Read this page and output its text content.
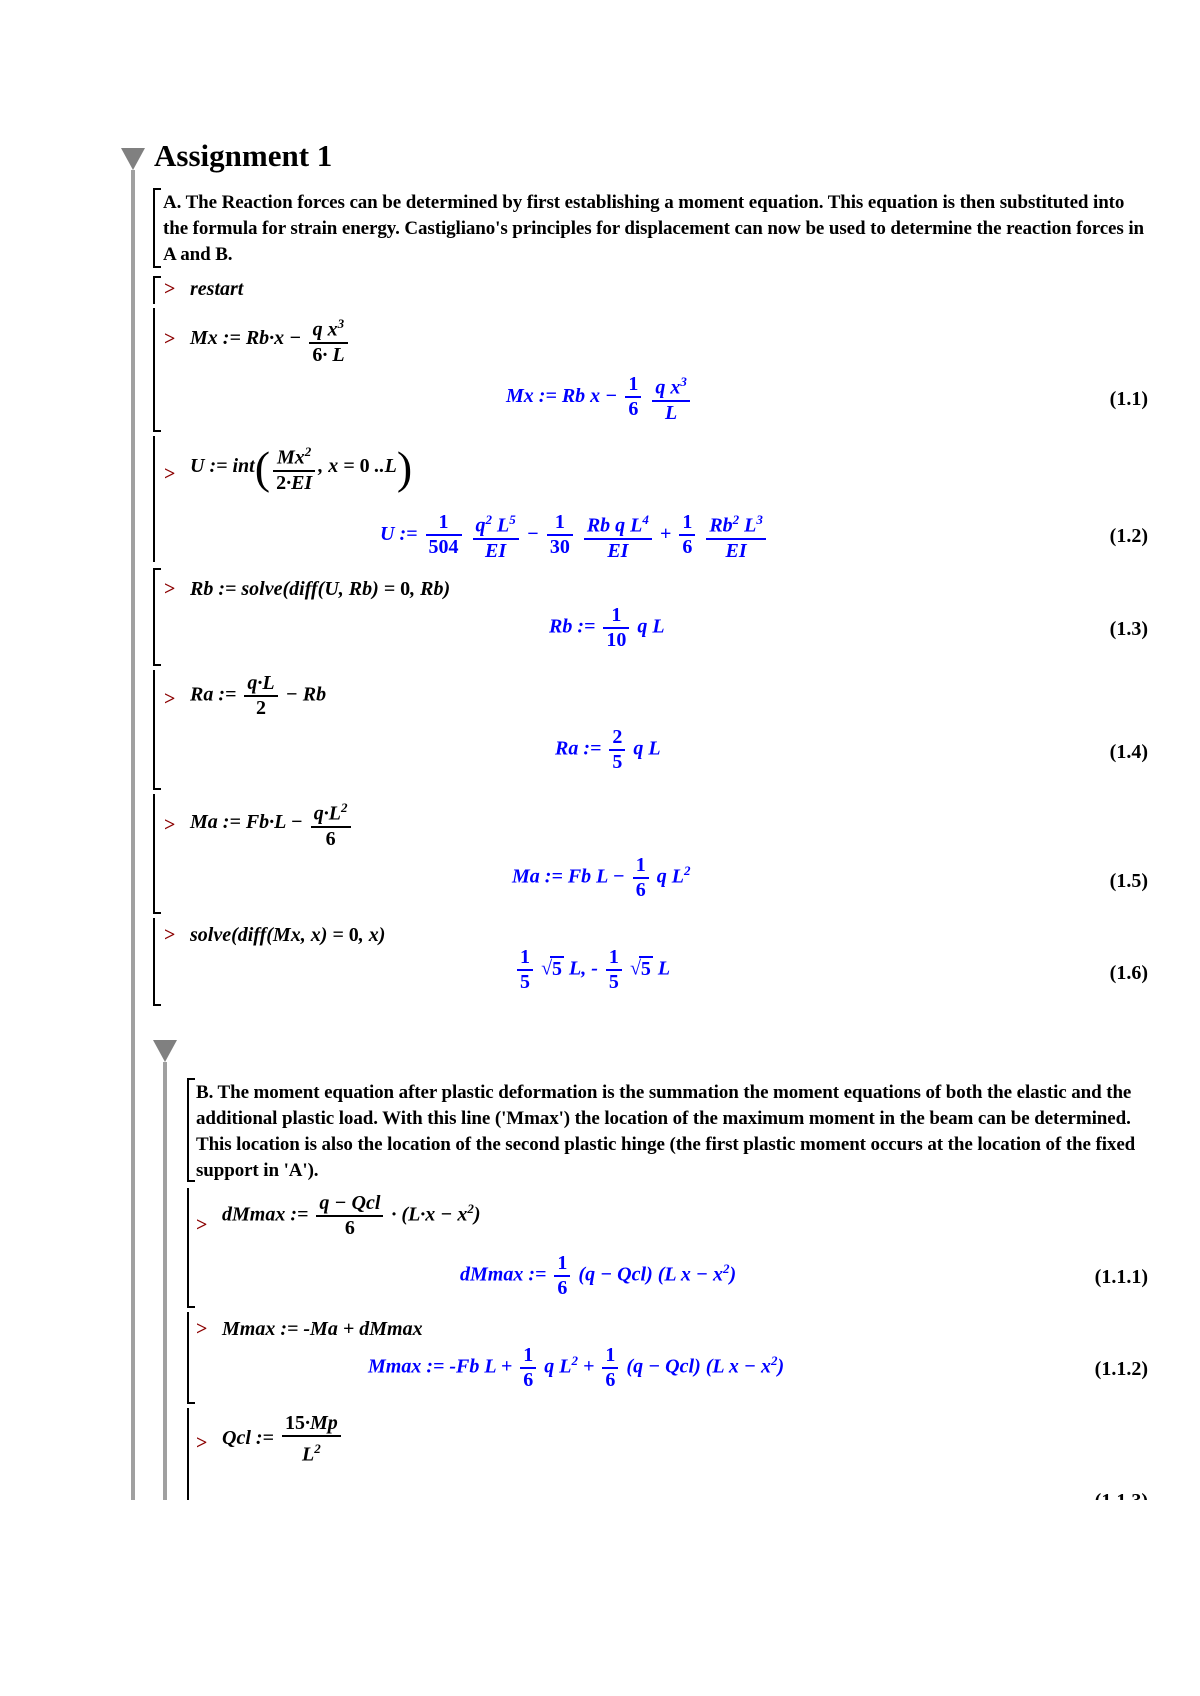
Assignment 1
A. The Reaction forces can be determined by first establishing a moment equation. This equation is then substituted into the formula for strain energy. Castigliano's principles for displacement can now be used to determine the reaction forces in A and B.
> restart
> Mx := $Rb\cdot x - \frac{q x^3}{6\cdot L}$
Mx := Rb $x - \frac{1}{6}$
$\frac{q x^3}{L}$	(1.1)
> U := $int( \frac{Mx^2}{2\cdot EI}$ , x = 0 ..L)
U := $\frac{1}{504}$
$\frac{q^2 L^5}{EI} - \frac{1}{30}$
$\frac{Rb q L^4}{EI} + \frac{1}{6}$
$\frac{Rb^2 L^3}{EI}$	(1.2)
> Rb := solve(diff(U, Rb) = 0, Rb)
Rb := $\frac{1}{10}$ q L	(1.3)
> Ra := $\frac{q\cdot L}{2} - Rb$
Ra := $\frac{2}{5}$ q L	(1.4)
> Ma := $Fb\cdot L - \frac{q\cdot L^2}{6}$
Ma := Fb $L - \frac{1}{6}$ q $L^2$	(1.5)
> solve(diff(Mx, x) = 0, x)
$\frac{1}{5} √5$ L, - $\frac{1}{5} √5$ L	(1.6)
B. The moment equation after plastic deformation is the summation the moment equations of both the elastic and the additional plastic load. With this line ('Mmax') the location of the maximum moment in the beam can be determined. This location is also the location of the second plastic hinge (the first plastic moment occurs at the location of the fixed support in 'A').
> dMmax := $\frac{\text{q − Qcl}}{6} \cdot (L\cdot x - x^2)$
dMmax := $\frac{1}{6} (q - Qcl)$ (L $x - x^2$)	(1.1.1)
> Mmax := -Ma + dMmax
Mmax := -Fb $L + \frac{1}{6}$ q $L^2 + \frac{1}{6} (q - Qcl)$ (L $x - x^2$)	(1.1.2)
> Qcl := $\frac{15\cdot Mp}{L^2}$
